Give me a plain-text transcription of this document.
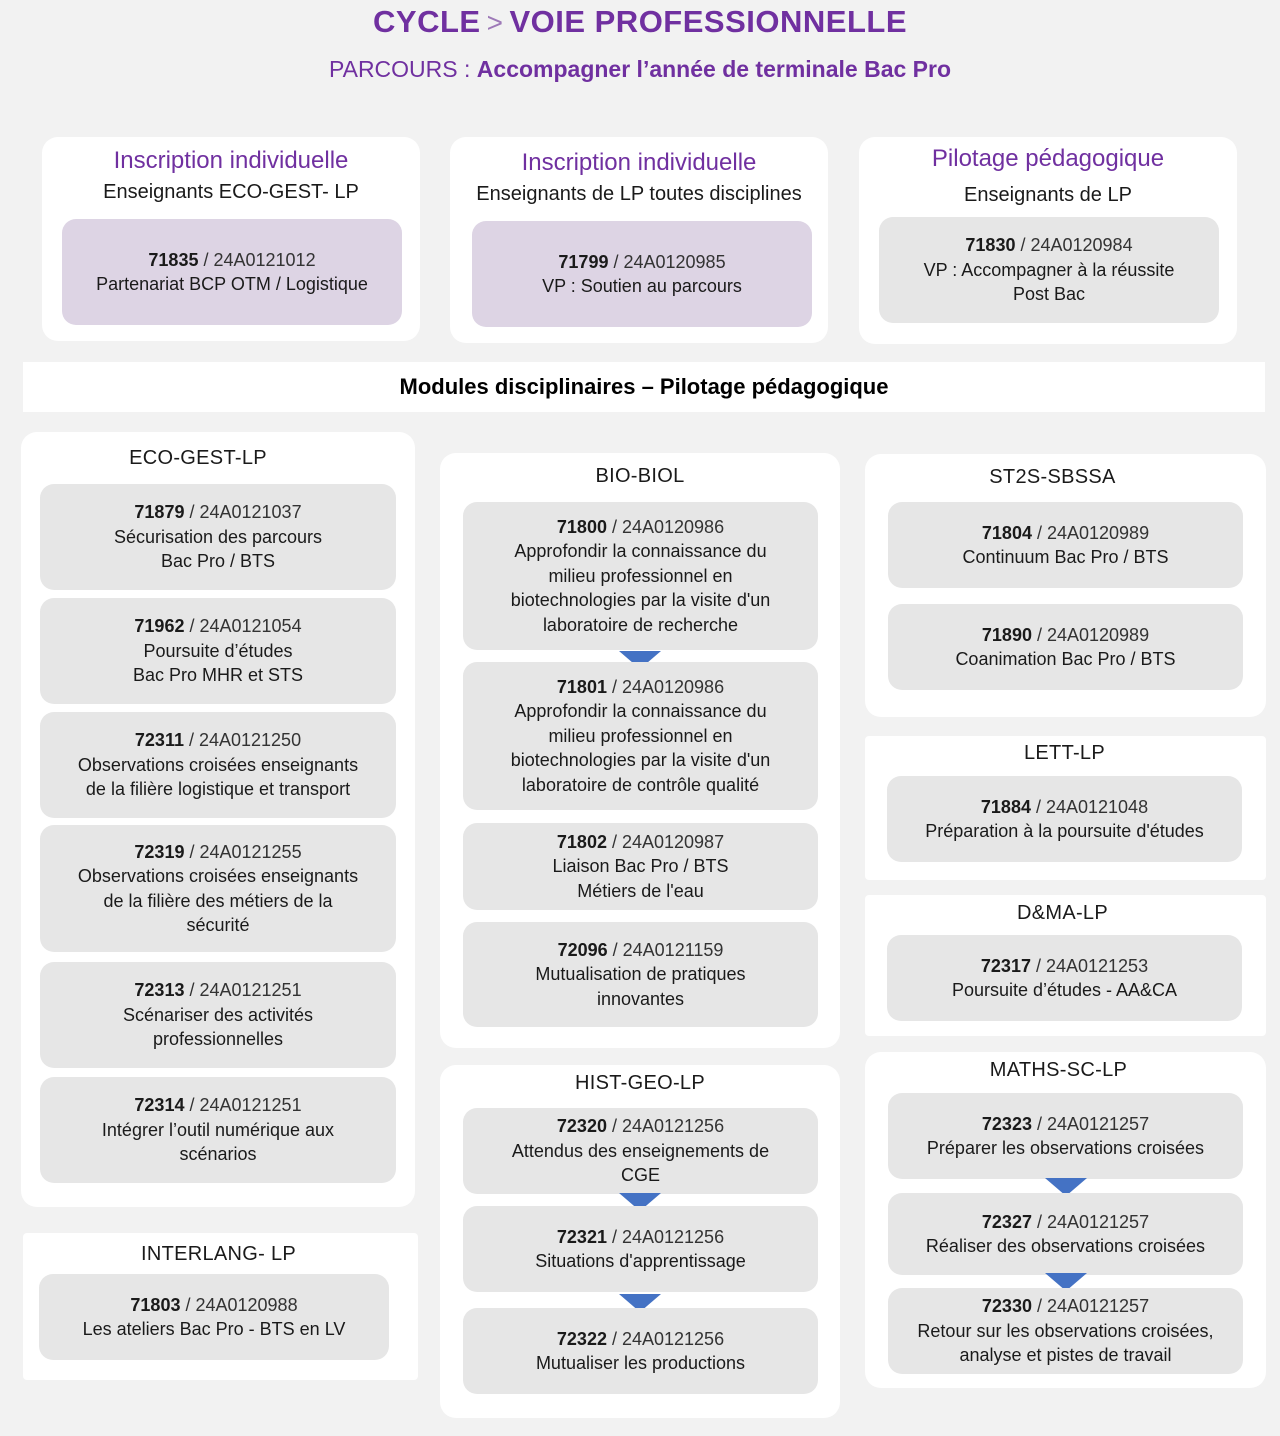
CYCLE > VOIE PROFESSIONNELLE
PARCOURS : Accompagner l’année de terminale Bac Pro
Inscription individuelle
Enseignants ECO-GEST- LP
71835 / 24A0121012
Partenariat BCP OTM / Logistique
Inscription individuelle
Enseignants de LP toutes disciplines
71799 / 24A0120985
VP : Soutien au parcours
Pilotage pédagogique
Enseignants de LP
71830 / 24A0120984
VP : Accompagner à la réussite
Post Bac
Modules disciplinaires – Pilotage pédagogique
ECO-GEST-LP
71879 / 24A0121037
Sécurisation des parcours
Bac Pro / BTS
71962 / 24A0121054
Poursuite d’études
Bac Pro MHR et STS
72311 / 24A0121250
Observations croisées enseignants
de la filière logistique et transport
72319 / 24A0121255
Observations croisées enseignants
de la filière des métiers de la
sécurité
72313 / 24A0121251
Scénariser des activités
professionnelles
72314 / 24A0121251
Intégrer l’outil numérique aux
scénarios
INTERLANG- LP
71803 / 24A0120988
Les ateliers Bac Pro - BTS en LV
BIO-BIOL
71800 / 24A0120986
Approfondir la connaissance du
milieu professionnel en
biotechnologies par la visite d'un
laboratoire de recherche
71801 / 24A0120986
Approfondir la connaissance du
milieu professionnel en
biotechnologies par la visite d'un
laboratoire de contrôle qualité
71802 / 24A0120987
Liaison Bac Pro / BTS
Métiers de l'eau
72096 / 24A0121159
Mutualisation de pratiques
innovantes
HIST-GEO-LP
72320 / 24A0121256
Attendus des enseignements de
CGE
72321 / 24A0121256
Situations d'apprentissage
72322 / 24A0121256
Mutualiser les productions
ST2S-SBSSA
71804 / 24A0120989
Continuum Bac Pro / BTS
71890 / 24A0120989
Coanimation Bac Pro / BTS
LETT-LP
71884 / 24A0121048
Préparation à la poursuite d'études
D&MA-LP
72317 / 24A0121253
Poursuite d’études - AA&CA
MATHS-SC-LP
72323 / 24A0121257
Préparer les observations croisées
72327 / 24A0121257
Réaliser des observations croisées
72330 / 24A0121257
Retour sur les observations croisées,
analyse et pistes de travail
